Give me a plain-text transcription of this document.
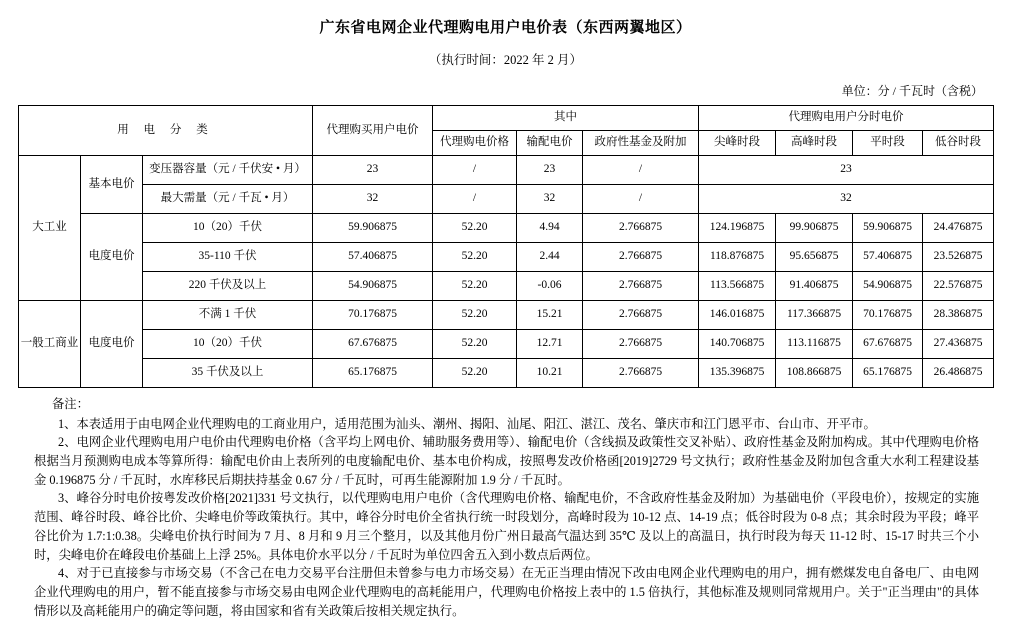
广东省电网企业代理购电用户电价表（东西两翼地区）
（执行时间：2022 年 2 月）
单位：分 / 千瓦时（含税）
用 电 分 类			代理购买用户电价	其中			代理购电用户分时电价			
				代理购电价格	输配电价	政府性基金及附加	尖峰时段	高峰时段	平时段	低谷时段
大工业	基本电价	变压器容量（元 / 千伏安 • 月）	23	/	23	/	23			
		最大需量（元 / 千瓦 • 月）	32	/	32	/	32			
	电度电价	10（20）千伏	59.906875	52.20	4.94	2.766875	124.196875	99.906875	59.906875	24.476875
		35-110 千伏	57.406875	52.20	2.44	2.766875	118.876875	95.656875	57.406875	23.526875
		220 千伏及以上	54.906875	52.20	-0.06	2.766875	113.566875	91.406875	54.906875	22.576875
一般工商业	电度电价	不满 1 千伏	70.176875	52.20	15.21	2.766875	146.016875	117.366875	70.176875	28.386875
		10（20）千伏	67.676875	52.20	12.71	2.766875	140.706875	113.116875	67.676875	27.436875
		35 千伏及以上	65.176875	52.20	10.21	2.766875	135.396875	108.866875	65.176875	26.486875
备注：

1、本表适用于由电网企业代理购电的工商业用户，适用范围为汕头、潮州、揭阳、汕尾、阳江、湛江、茂名、肇庆市和江门恩平市、台山市、开平市。

2、电网企业代理购电用户电价由代理购电价格（含平均上网电价、辅助服务费用等）、输配电价（含线损及政策性交叉补贴）、政府性基金及附加构成。其中代理购电价格根据当月预测购电成本等算所得：输配电价由上表所列的电度输配电价、基本电价构成，按照粤发改价格函[2019]2729 号文执行；政府性基金及附加包含重大水利工程建设基金 0.196875 分 / 千瓦时，水库移民后期扶持基金 0.67 分 / 千瓦时，可再生能源附加 1.9 分 / 千瓦时。

3、峰谷分时电价按粤发改价格[2021]331 号文执行，以代理购电用户电价（含代理购电价格、输配电价，不含政府性基金及附加）为基础电价（平段电价），按规定的实施范围、峰谷时段、峰谷比价、尖峰电价等政策执行。其中，峰谷分时电价全省执行统一时段划分，高峰时段为 10-12 点、14-19 点；低谷时段为 0-8 点；其余时段为平段；峰平谷比价为 1.7:1:0.38。尖峰电价执行时间为 7 月、8 月和 9 月三个整月，以及其他月份广州日最高气温达到 35℃ 及以上的高温日，执行时段为每天 11-12 时、15-17 时共三个小时，尖峰电价在峰段电价基础上上浮 25%。具体电价水平以分 / 千瓦时为单位四舍五入到小数点后两位。

4、对于已直接参与市场交易（不含己在电力交易平台注册但未曾参与电力市场交易）在无正当理由情况下改由电网企业代理购电的用户，拥有燃煤发电自备电厂、由电网企业代理购电的用户，暂不能直接参与市场交易由电网企业代理购电的高耗能用户，代理购电价格按上表中的 1.5 倍执行，其他标准及规则同常规用户。关于"正当理由"的具体情形以及高耗能用户的确定等问题，将由国家和省有关政策后按相关规定执行。
